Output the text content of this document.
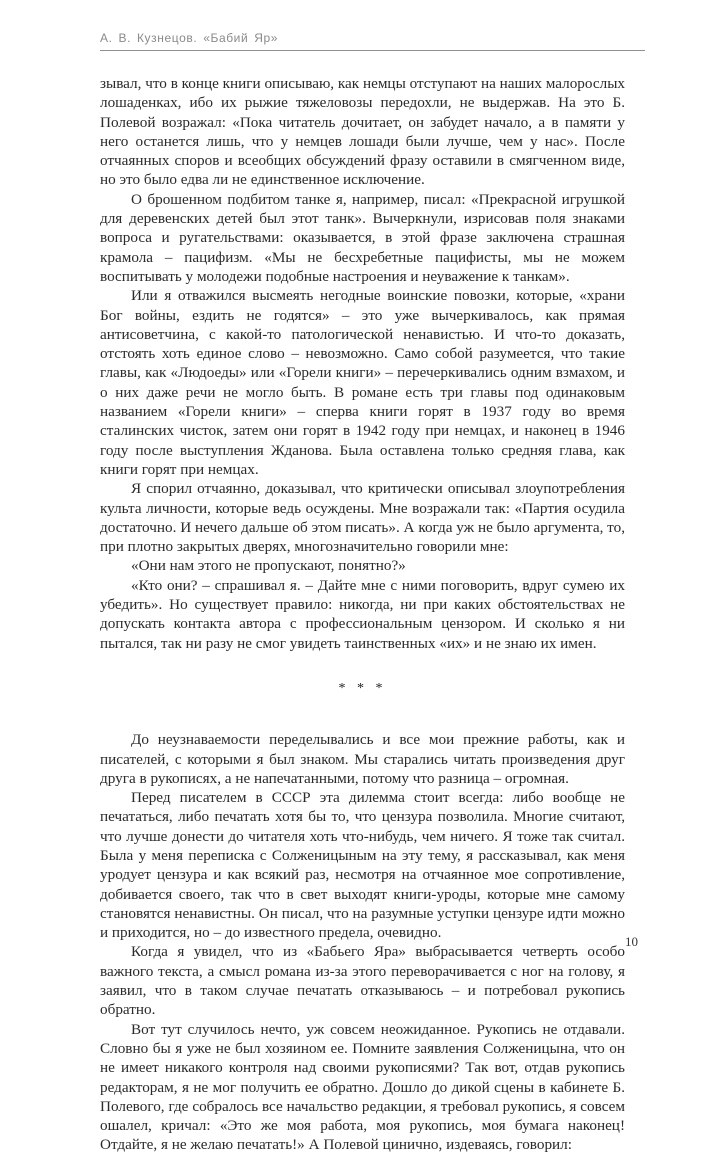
А. В. Кузнецов. «Бабий Яр»

зывал, что в конце книги описываю, как немцы отступают на наших малорослых лошаденках, ибо их рыжие тяжеловозы передохли, не выдержав. На это Б. Полевой возражал: «Пока читатель дочитает, он забудет начало, а в памяти у него останется лишь, что у немцев лошади были лучше, чем у нас». После отчаянных споров и всеобщих обсуждений фразу оставили в смягченном виде, но это было едва ли не единственное исключение.

О брошенном подбитом танке я, например, писал: «Прекрасной игрушкой для деревенских детей был этот танк». Вычеркнули, изрисовав поля знаками вопроса и ругательствами: оказывается, в этой фразе заключена страшная крамола – пацифизм. «Мы не бесхребетные пацифисты, мы не можем воспитывать у молодежи подобные настроения и неуважение к танкам».

Или я отважился высмеять негодные воинские повозки, которые, «храни Бог войны, ездить не годятся» – это уже вычеркивалось, как прямая антисоветчина, с какой-то патологической ненавистью. И что-то доказать, отстоять хоть единое слово – невозможно. Само собой разумеется, что такие главы, как «Людоеды» или «Горели книги» – перечеркивались одним взмахом, и о них даже речи не могло быть. В романе есть три главы под одинаковым названием «Горели книги» – сперва книги горят в 1937 году во время сталинских чисток, затем они горят в 1942 году при немцах, и наконец в 1946 году после выступления Жданова. Была оставлена только средняя глава, как книги горят при немцах.

Я спорил отчаянно, доказывал, что критически описывал злоупотребления культа личности, которые ведь осуждены. Мне возражали так: «Партия осудила достаточно. И нечего дальше об этом писать». А когда уж не было аргумента, то, при плотно закрытых дверях, многозначительно говорили мне:

«Они нам этого не пропускают, понятно?»

«Кто они? – спрашивал я. – Дайте мне с ними поговорить, вдруг сумею их убедить». Но существует правило: никогда, ни при каких обстоятельствах не допускать контакта автора с профессиональным цензором. И сколько я ни пытался, так ни разу не смог увидеть таинственных «их» и не знаю их имен.

* * *

До неузнаваемости переделывались и все мои прежние работы, как и писателей, с которыми я был знаком. Мы старались читать произведения друг друга в рукописях, а не напечатанными, потому что разница – огромная.

Перед писателем в СССР эта дилемма стоит всегда: либо вообще не печататься, либо печатать хотя бы то, что цензура позволила. Многие считают, что лучше донести до читателя хоть что-нибудь, чем ничего. Я тоже так считал. Была у меня переписка с Солженицыным на эту тему, я рассказывал, как меня уродует цензура и как всякий раз, несмотря на отчаянное мое сопротивление, добивается своего, так что в свет выходят книги-уроды, которые мне самому становятся ненавистны. Он писал, что на разумные уступки цензуре идти можно и приходится, но – до известного предела, очевидно.

Когда я увидел, что из «Бабьего Яра» выбрасывается четверть особо важного текста, а смысл романа из-за этого переворачивается с ног на голову, я заявил, что в таком случае печатать отказываюсь – и потребовал рукопись обратно.

Вот тут случилось нечто, уж совсем неожиданное. Рукопись не отдавали. Словно бы я уже не был хозяином ее. Помните заявления Солженицына, что он не имеет никакого контроля над своими рукописями? Так вот, отдав рукопись редакторам, я не мог получить ее обратно. Дошло до дикой сцены в кабинете Б. Полевого, где собралось все начальство редакции, я требовал рукопись, я совсем ошалел, кричал: «Это же моя работа, моя рукопись, моя бумага наконец! Отдайте, я не желаю печатать!» А Полевой цинично, издеваясь, говорил:

10
